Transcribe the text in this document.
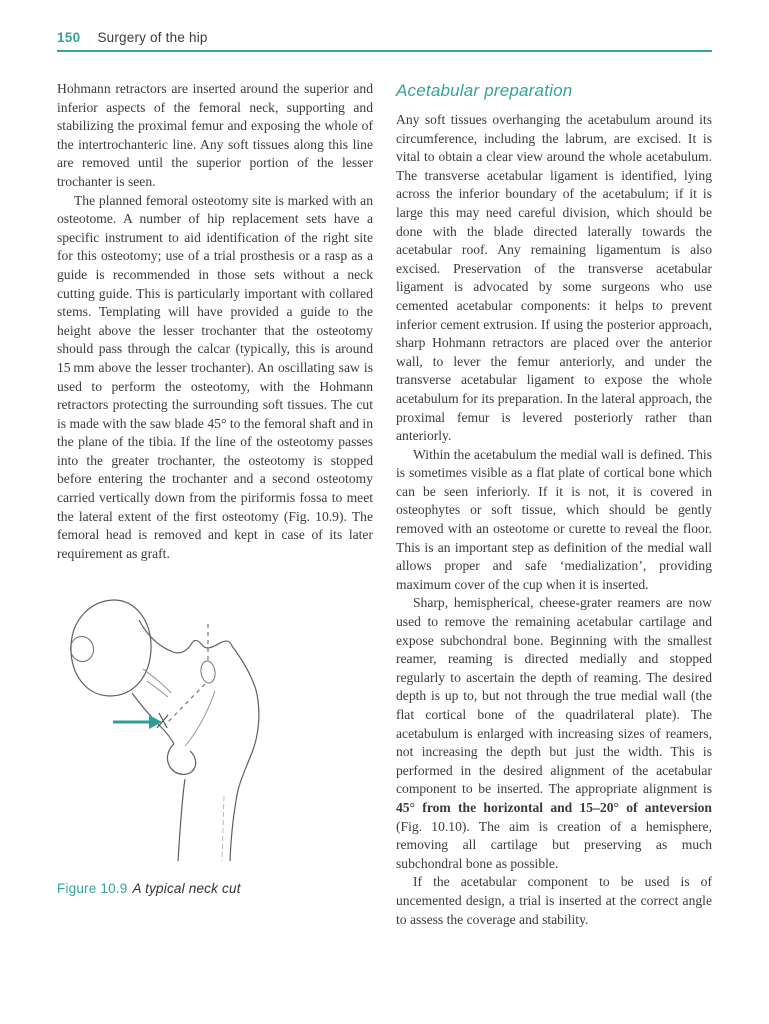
150 Surgery of the hip

Hohmann retractors are inserted around the superior and inferior aspects of the femoral neck, supporting and stabilizing the proximal femur and exposing the whole of the intertrochanteric line. Any soft tissues along this line are removed until the superior portion of the lesser trochanter is seen.

The planned femoral osteotomy site is marked with an osteotome. A number of hip replacement sets have a specific instrument to aid identification of the right site for this osteotomy; use of a trial prosthesis or a rasp as a guide is recommended in those sets without a neck cutting guide. This is particularly important with collared stems. Templating will have provided a guide to the height above the lesser trochanter that the osteotomy should pass through the calcar (typically, this is around 15 mm above the lesser trochanter). An oscillating saw is used to perform the osteotomy, with the Hohmann retractors protecting the surrounding soft tissues. The cut is made with the saw blade 45° to the femoral shaft and in the plane of the tibia. If the line of the osteotomy passes into the greater trochanter, the osteotomy is stopped before entering the trochanter and a second osteotomy carried vertically down from the piriformis fossa to meet the lateral extent of the first osteotomy (Fig. 10.9). The femoral head is removed and kept in case of its later requirement as graft.

Figure 10.9 A typical neck cut
Acetabular preparation

Any soft tissues overhanging the acetabulum around its circumference, including the labrum, are excised. It is vital to obtain a clear view around the whole acetabulum. The transverse acetabular ligament is identified, lying across the inferior boundary of the acetabulum; if it is large this may need careful division, which should be done with the blade directed laterally towards the acetabular roof. Any remaining ligamentum is also excised. Preservation of the transverse acetabular ligament is advocated by some surgeons who use cemented acetabular components: it helps to prevent inferior cement extrusion. If using the posterior approach, sharp Hohmann retractors are placed over the anterior wall, to lever the femur anteriorly, and under the transverse acetabular ligament to expose the whole acetabulum for its preparation. In the lateral approach, the proximal femur is levered posteriorly rather than anteriorly.

Within the acetabulum the medial wall is defined. This is sometimes visible as a flat plate of cortical bone which can be seen inferiorly. If it is not, it is covered in osteophytes or soft tissue, which should be gently removed with an osteotome or curette to reveal the floor. This is an important step as definition of the medial wall allows proper and safe ‘medialization’, providing maximum cover of the cup when it is inserted.

Sharp, hemispherical, cheese-grater reamers are now used to remove the remaining acetabular cartilage and expose subchondral bone. Beginning with the smallest reamer, reaming is directed medially and stopped regularly to ascertain the depth of reaming. The desired depth is up to, but not through the true medial wall (the flat cortical bone of the quadrilateral plate). The acetabulum is enlarged with increasing sizes of reamers, not increasing the depth but just the width. This is performed in the desired alignment of the acetabular component to be inserted. The appropriate alignment is 45° from the horizontal and 15–20° of anteversion (Fig. 10.10). The aim is creation of a hemisphere, removing all cartilage but preserving as much subchondral bone as possible.

If the acetabular component to be used is of uncemented design, a trial is inserted at the correct angle to assess the coverage and stability.
